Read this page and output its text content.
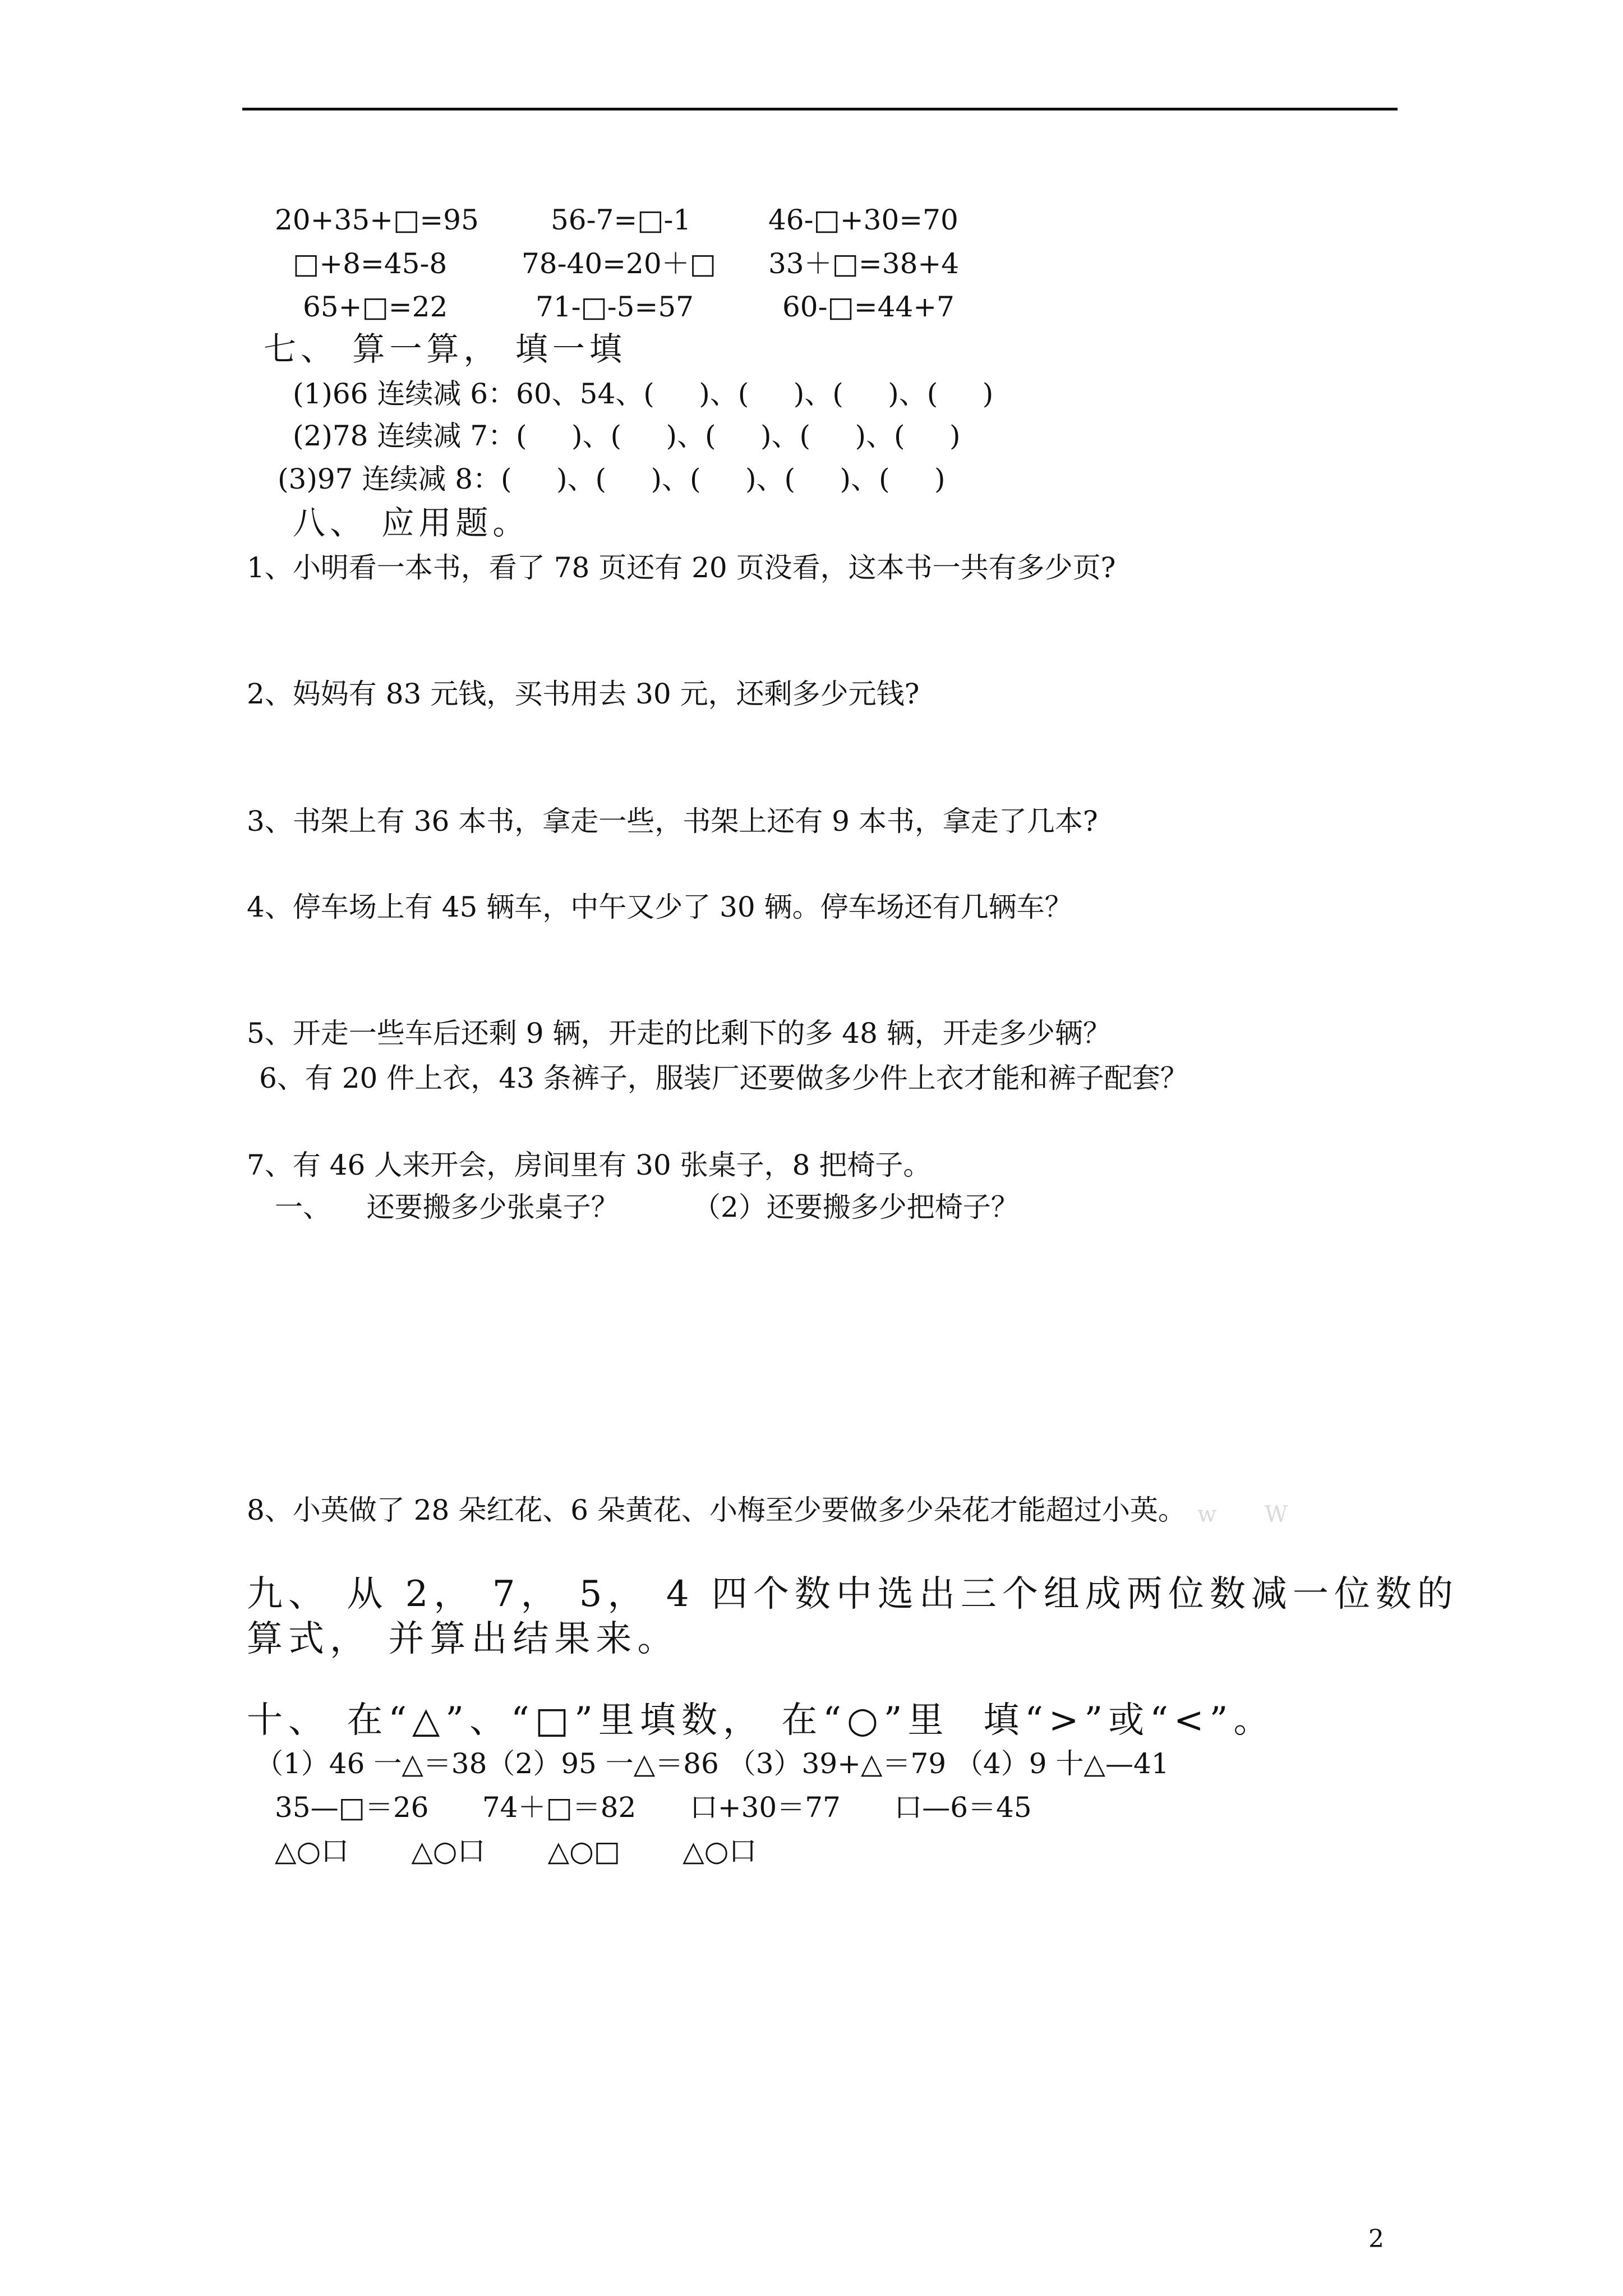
20+35+□=95	56-7=□-1	46-□+30=70
□+8=45-8	78-40=20＋□ 33＋□=38+4
65+□=22	71-□-5=57	60-□=44+7
七、 算一算， 填一填
(1)66 连续减 6：60、54、(     )、(     )、(     )、(     )
(2)78 连续减 7：(     )、(     )、(     )、(     )、(     )
(3)97 连续减 8：(     )、(     )、(     )、(     )、(     )
八、 应用题。
1、小明看一本书，看了 78 页还有 20 页没看，这本书一共有多少页?
2、妈妈有 83 元钱，买书用去 30 元，还剩多少元钱?
3、书架上有 36 本书，拿走一些，书架上还有 9 本书，拿走了几本?
4、停车场上有 45 辆车，中午又少了 30 辆。停车场还有几辆车？
5、开走一些车后还剩 9 辆，开走的比剩下的多 48 辆，开走多少辆？
6、有 20 件上衣，43 条裤子，服装厂还要做多少件上衣才能和裤子配套？
7、有 46 人来开会，房间里有 30 张桌子，8 把椅子。
一、    还要搬多少张桌子？	（2）还要搬多少把椅子？
8、小英做了 28 朵红花、6 朵黄花、小梅至少要做多少朵花才能超过小英。 w W
九、 从 2， 7， 5， 4 四个数中选出三个组成两位数减一位数的
算式， 并算出结果来。
十、 在“△”、“□”里填数， 在“○”里  填“>”或“<”。
（1）46 一△＝38（2）95 一△＝86 （3）39+△＝79 （4）9 十△—41
35—□＝26      74＋□＝82      口+30＝77      口—6＝45
△○口       △○口       △○□       △○口
2
